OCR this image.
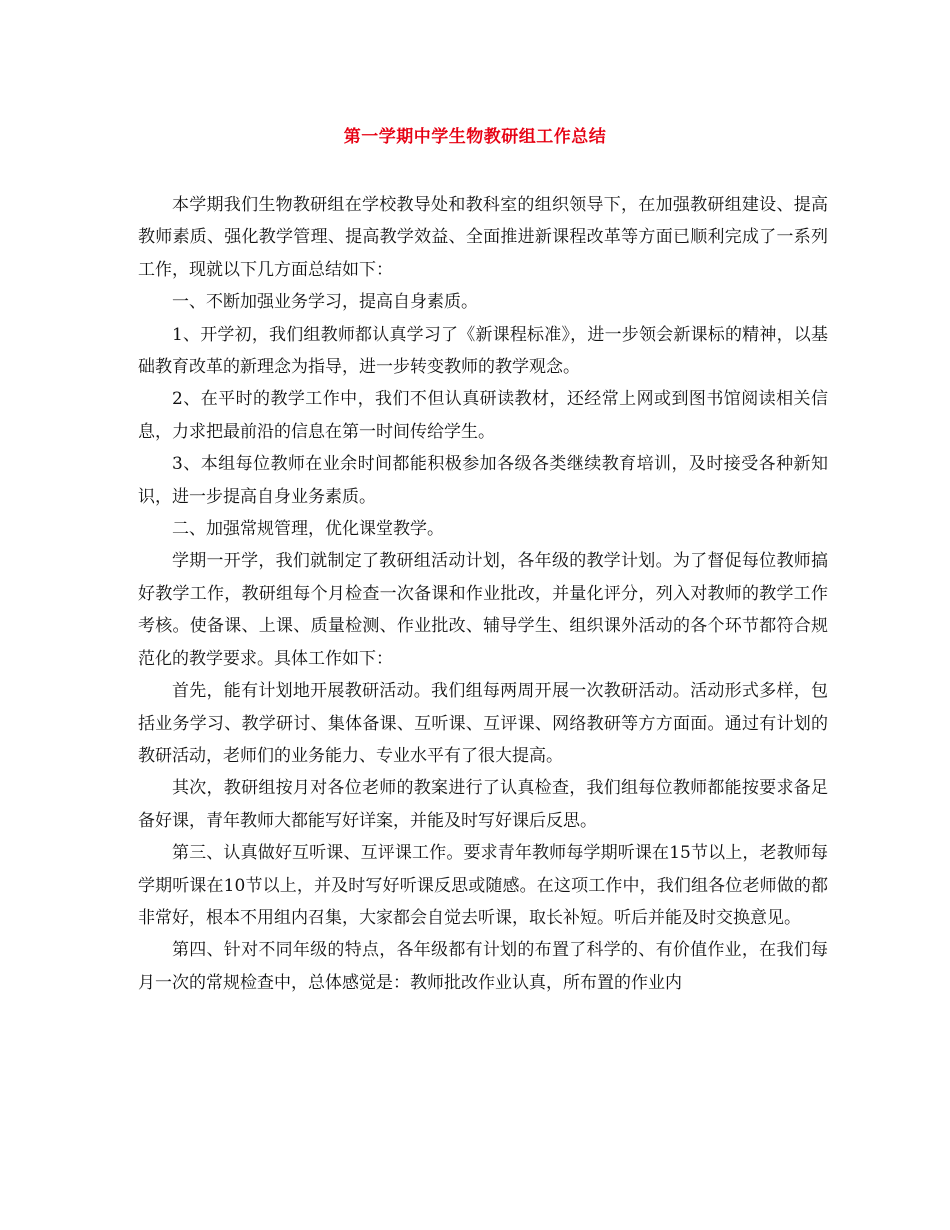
第一学期中学生物教研组工作总结

本学期我们生物教研组在学校教导处和教科室的组织领导下，在加强教研组建设、提高教师素质、强化教学管理、提高教学效益、全面推进新课程改革等方面已顺利完成了一系列工作，现就以下几方面总结如下：

一、不断加强业务学习，提高自身素质。

1、开学初，我们组教师都认真学习了《新课程标准》，进一步领会新课标的精神，以基础教育改革的新理念为指导，进一步转变教师的教学观念。

2、在平时的教学工作中，我们不但认真研读教材，还经常上网或到图书馆阅读相关信息，力求把最前沿的信息在第一时间传给学生。

3、本组每位教师在业余时间都能积极参加各级各类继续教育培训，及时接受各种新知识，进一步提高自身业务素质。

二、加强常规管理，优化课堂教学。

学期一开学，我们就制定了教研组活动计划，各年级的教学计划。为了督促每位教师搞好教学工作，教研组每个月检查一次备课和作业批改，并量化评分，列入对教师的教学工作考核。使备课、上课、质量检测、作业批改、辅导学生、组织课外活动的各个环节都符合规范化的教学要求。具体工作如下：

首先，能有计划地开展教研活动。我们组每两周开展一次教研活动。活动形式多样，包括业务学习、教学研讨、集体备课、互听课、互评课、网络教研等方方面面。通过有计划的教研活动，老师们的业务能力、专业水平有了很大提高。

其次，教研组按月对各位老师的教案进行了认真检查，我们组每位教师都能按要求备足备好课，青年教师大都能写好详案，并能及时写好课后反思。

第三、认真做好互听课、互评课工作。要求青年教师每学期听课在15节以上，老教师每学期听课在10节以上，并及时写好听课反思或随感。在这项工作中，我们组各位老师做的都非常好，根本不用组内召集，大家都会自觉去听课，取长补短。听后并能及时交换意见。

第四、针对不同年级的特点，各年级都有计划的布置了科学的、有价值作业，在我们每月一次的常规检查中，总体感觉是：教师批改作业认真，所布置的作业内
